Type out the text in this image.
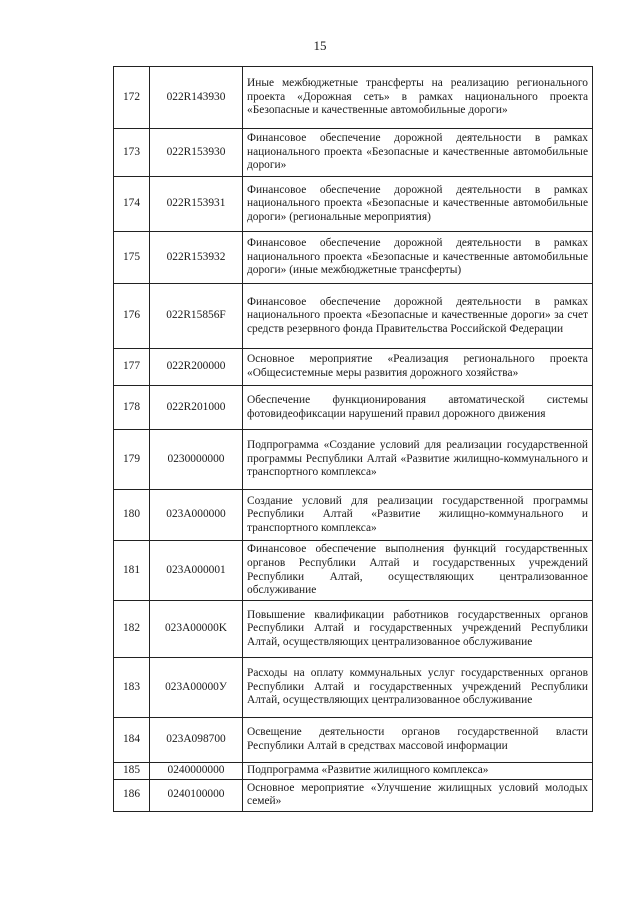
15
172	022R143930	Иные межбюджетные трансферты на реализацию регионального проекта «Дорожная сеть» в рамках национального проекта «Безопасные и качественные автомобильные дороги»
173	022R153930	Финансовое обеспечение дорожной деятельности в рамках национального проекта «Безопасные и качественные автомобильные дороги»
174	022R153931	Финансовое обеспечение дорожной деятельности в рамках национального проекта «Безопасные и качественные автомобильные дороги» (региональные мероприятия)
175	022R153932	Финансовое обеспечение дорожной деятельности в рамках национального проекта «Безопасные и качественные автомобильные дороги» (иные межбюджетные трансферты)
176	022R15856F	Финансовое обеспечение дорожной деятельности в рамках национального проекта «Безопасные и качественные дороги» за счет средств резервного фонда Правительства Российской Федерации
177	022R200000	Основное мероприятие «Реализация регионального проекта «Общесистемные меры развития дорожного хозяйства»
178	022R201000	Обеспечение функционирования автоматической системы фотовидеофиксации нарушений правил дорожного движения
179	0230000000	Подпрограмма «Создание условий для реализации государственной программы Республики Алтай «Развитие жилищно-коммунального и транспортного комплекса»
180	023A000000	Создание условий для реализации государственной программы Республики Алтай «Развитие жилищно-коммунального и транспортного комплекса»
181	023A000001	Финансовое обеспечение выполнения функций государственных органов Республики Алтай и государственных учреждений Республики Алтай, осуществляющих централизованное обслуживание
182	023A00000K	Повышение квалификации работников государственных органов Республики Алтай и государственных учреждений Республики Алтай, осуществляющих централизованное обслуживание
183	023A00000У	Расходы на оплату коммунальных услуг государственных органов Республики Алтай и государственных учреждений Республики Алтай, осуществляющих централизованное обслуживание
184	023A098700	Освещение деятельности органов государственной власти Республики Алтай в средствах массовой информации
185	0240000000	Подпрограмма «Развитие жилищного комплекса»
186	0240100000	Основное мероприятие «Улучшение жилищных условий молодых семей»
